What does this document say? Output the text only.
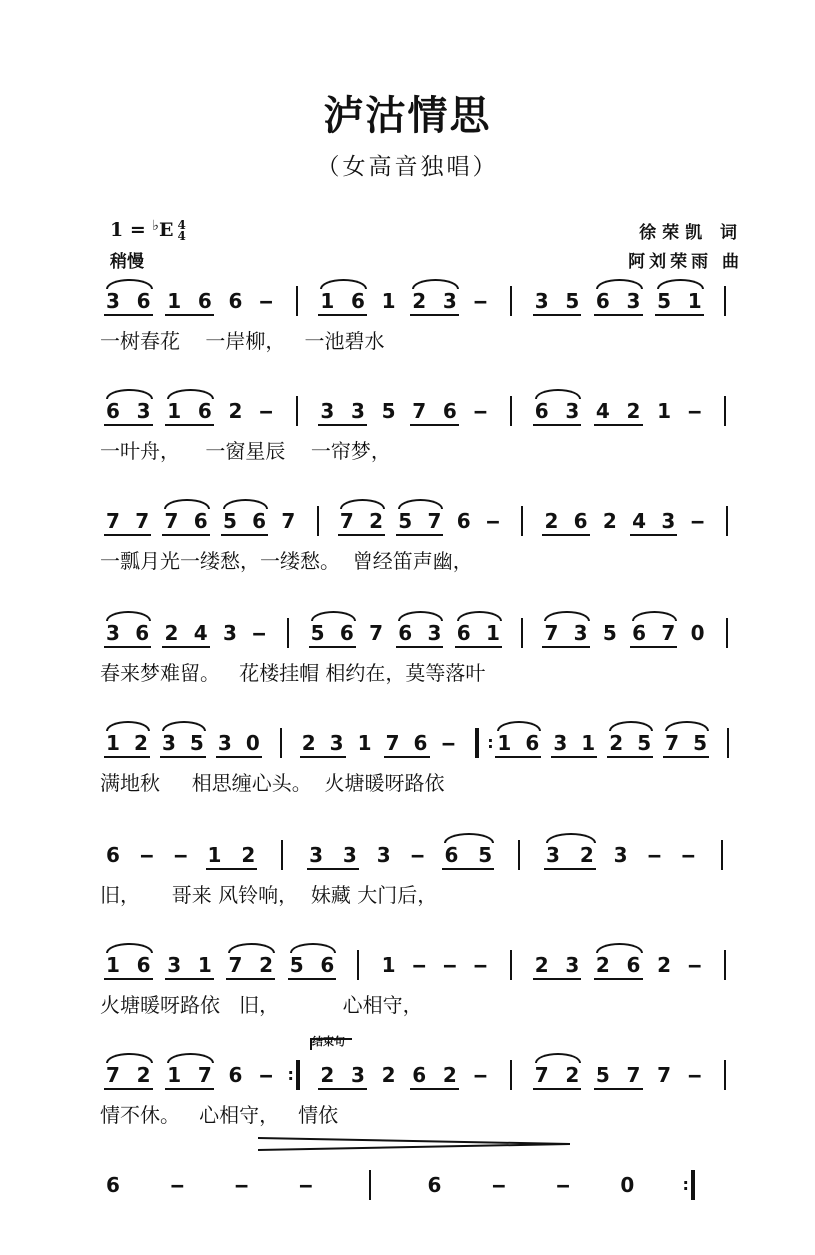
泸沽情思
（女高音独唱）
1 = ♭E 4
4
稍慢
徐荣凯 词
阿刘荣雨 曲
3 6 1 6 6 ‒ 1 6 1 2 3 ‒ 3 5 6 3 5 1
一树春花    一岸柳，   一池碧水
6 3 1 6 2 ‒ 3 3 5 7 6 ‒ 6 3 4 2 1 ‒
一叶舟，    一窗星辰    一帘梦，
7 7 7 6 5 6 7 7 2 5 7 6 ‒ 2 6 2 4 3 ‒
一瓢月光一缕愁，一缕愁。  曾经笛声幽，
3 6 2 4 3 ‒ 5 6 7 6 3 6 1 7 3 5 6 7 0
春来梦难留。   花楼挂帽 相约在，莫等落叶
1 2 3 5 3 0 2 3 1 7 6 ‒	: 1 6 3 1 2 5 7 5
满地秋     相思缠心头。  火塘暖呀路依
6 ‒ ‒ 1 2	3 3 3 ‒ 6 5	3 2 3 ‒ ‒
旧，     哥来 风铃响，  妹藏 大门后，
1 6 3 1 7 2 5 6 1 ‒ ‒ ‒ 2 3 2 6 2 ‒
火塘暖呀路依   旧，          心相守，
7 2 1 7 6 ‒ :	2 3 2 6 2 ‒ 7 2 5 7 7 ‒
情不休。   心相守，   情依
6	‒	‒	‒	6	‒	‒	0	:
结束句
